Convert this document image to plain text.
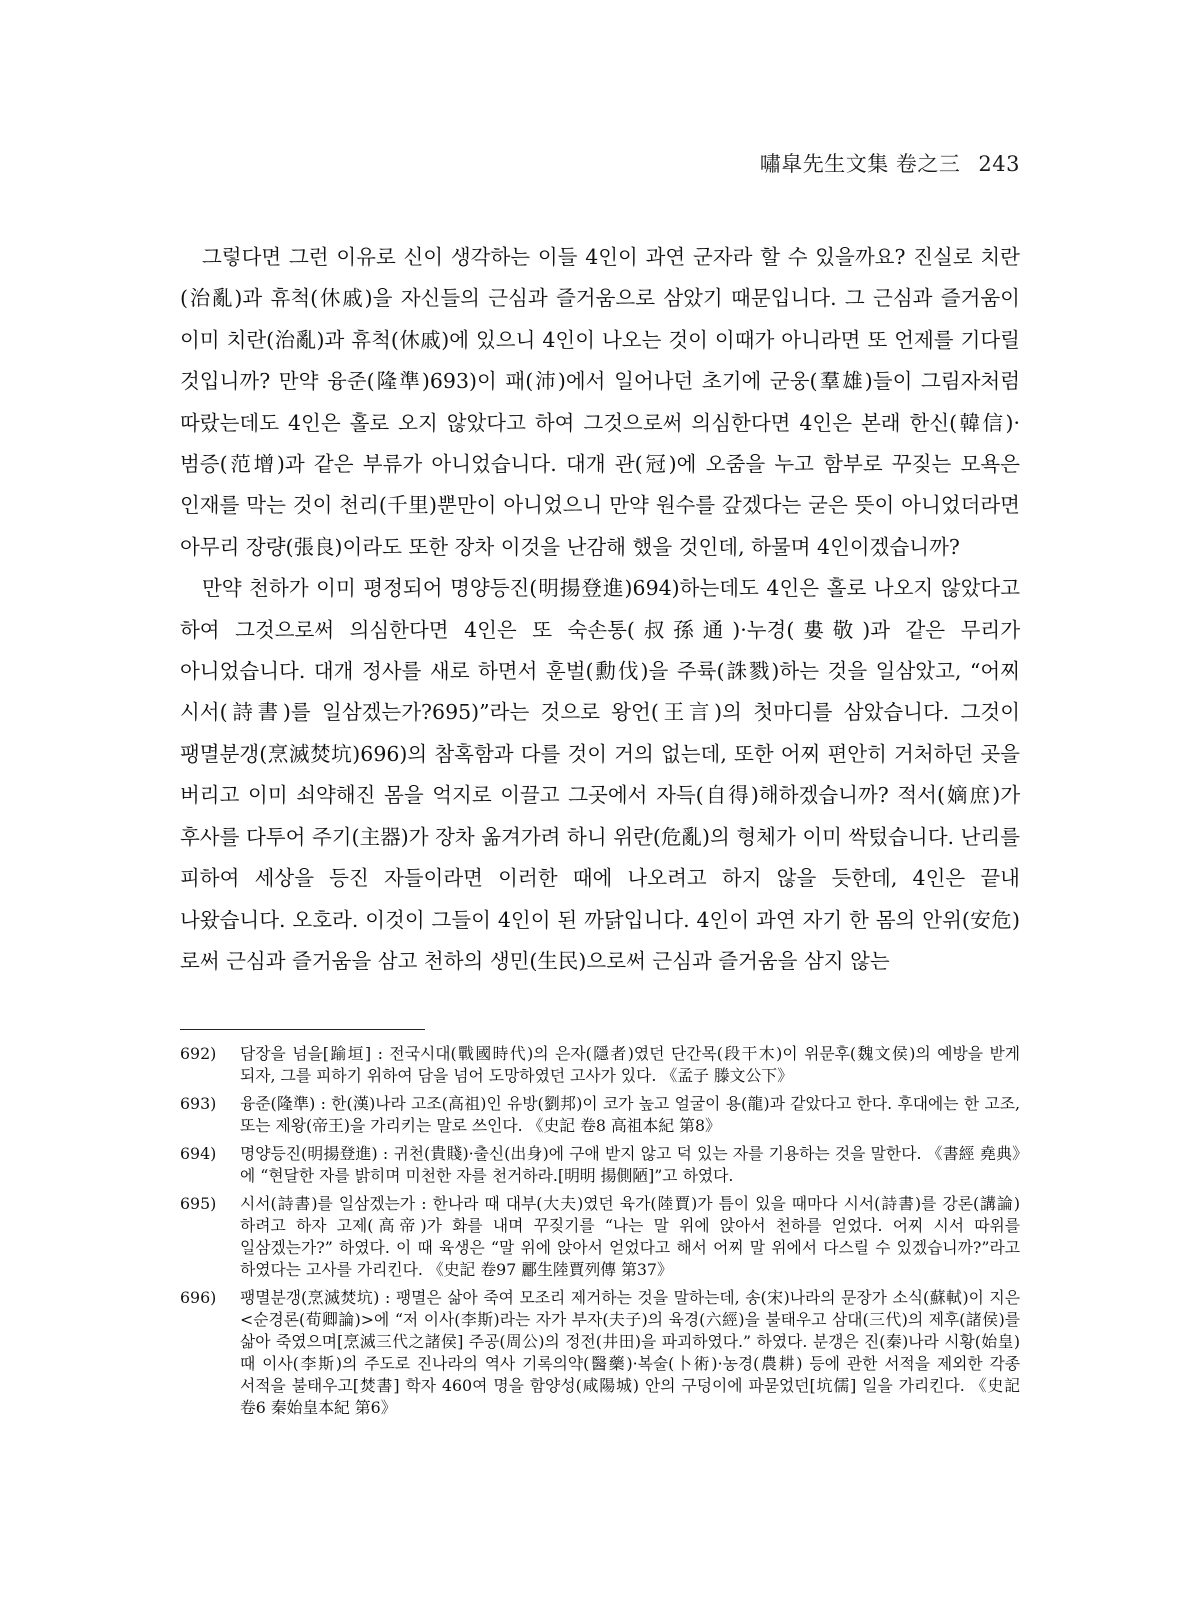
嘯皐先生文集 卷之三 243

그렇다면 그런 이유로 신이 생각하는 이들 4인이 과연 군자라 할 수 있을까요? 진실로 치란(治亂)과 휴척(休戚)을 자신들의 근심과 즐거움으로 삼았기 때문입니다. 그 근심과 즐거움이 이미 치란(治亂)과 휴척(休戚)에 있으니 4인이 나오는 것이 이때가 아니라면 또 언제를 기다릴 것입니까? 만약 융준(隆準)693)이 패(沛)에서 일어나던 초기에 군웅(羣雄)들이 그림자처럼 따랐는데도 4인은 홀로 오지 않았다고 하여 그것으로써 의심한다면 4인은 본래 한신(韓信)·범증(范增)과 같은 부류가 아니었습니다. 대개 관(冠)에 오줌을 누고 함부로 꾸짖는 모욕은 인재를 막는 것이 천리(千里)뿐만이 아니었으니 만약 원수를 갚겠다는 굳은 뜻이 아니었더라면 아무리 장량(張良)이라도 또한 장차 이것을 난감해 했을 것인데, 하물며 4인이겠습니까?

만약 천하가 이미 평정되어 명양등진(明揚登進)694)하는데도 4인은 홀로 나오지 않았다고 하여 그것으로써 의심한다면 4인은 또 숙손통(叔孫通)·누경(婁敬)과 같은 무리가 아니었습니다. 대개 정사를 새로 하면서 훈벌(勳伐)을 주륙(誅戮)하는 것을 일삼았고, “어찌 시서(詩書)를 일삼겠는가?695)”라는 것으로 왕언(王言)의 첫마디를 삼았습니다. 그것이 팽멸분갱(烹滅焚坑)696)의 참혹함과 다를 것이 거의 없는데, 또한 어찌 편안히 거처하던 곳을 버리고 이미 쇠약해진 몸을 억지로 이끌고 그곳에서 자득(自得)해하겠습니까? 적서(嫡庶)가 후사를 다투어 주기(主器)가 장차 옮겨가려 하니 위란(危亂)의 형체가 이미 싹텄습니다. 난리를 피하여 세상을 등진 자들이라면 이러한 때에 나오려고 하지 않을 듯한데, 4인은 끝내 나왔습니다. 오호라. 이것이 그들이 4인이 된 까닭입니다. 4인이 과연 자기 한 몸의 안위(安危)로써 근심과 즐거움을 삼고 천하의 생민(生民)으로써 근심과 즐거움을 삼지 않는

692) 담장을 넘을[踰垣] : 전국시대(戰國時代)의 은자(隱者)였던 단간목(段干木)이 위문후(魏文侯)의 예방을 받게 되자, 그를 피하기 위하여 담을 넘어 도망하였던 고사가 있다. 《孟子 滕文公下》
693) 융준(隆準) : 한(漢)나라 고조(高祖)인 유방(劉邦)이 코가 높고 얼굴이 용(龍)과 같았다고 한다. 후대에는 한 고조, 또는 제왕(帝王)을 가리키는 말로 쓰인다. 《史記 卷8 高祖本紀 第8》
694) 명양등진(明揚登進) : 귀천(貴賤)·출신(出身)에 구애 받지 않고 덕 있는 자를 기용하는 것을 말한다. 《書經 堯典》에 “현달한 자를 밝히며 미천한 자를 천거하라.[明明 揚側陋]”고 하였다.
695) 시서(詩書)를 일삼겠는가 : 한나라 때 대부(大夫)였던 육가(陸賈)가 틈이 있을 때마다 시서(詩書)를 강론(講論)하려고 하자 고제(高帝)가 화를 내며 꾸짖기를 “나는 말 위에 앉아서 천하를 얻었다. 어찌 시서 따위를 일삼겠는가?” 하였다. 이 때 육생은 “말 위에 앉아서 얻었다고 해서 어찌 말 위에서 다스릴 수 있겠습니까?”라고 하였다는 고사를 가리킨다. 《史記 卷97 酈生陸賈列傳 第37》
696) 팽멸분갱(烹滅焚坑) : 팽멸은 삶아 죽여 모조리 제거하는 것을 말하는데, 송(宋)나라의 문장가 소식(蘇軾)이 지은 <순경론(荀卿論)>에 “저 이사(李斯)라는 자가 부자(夫子)의 육경(六經)을 불태우고 삼대(三代)의 제후(諸侯)를 삶아 죽였으며[烹滅三代之諸侯] 주공(周公)의 정전(井田)을 파괴하였다.” 하였다. 분갱은 진(秦)나라 시황(始皇) 때 이사(李斯)의 주도로 진나라의 역사 기록의약(醫藥)·복술(卜術)·농경(農耕) 등에 관한 서적을 제외한 각종 서적을 불태우고[焚書] 학자 460여 명을 함양성(咸陽城) 안의 구덩이에 파묻었던[坑儒] 일을 가리킨다. 《史記 卷6 秦始皇本紀 第6》
